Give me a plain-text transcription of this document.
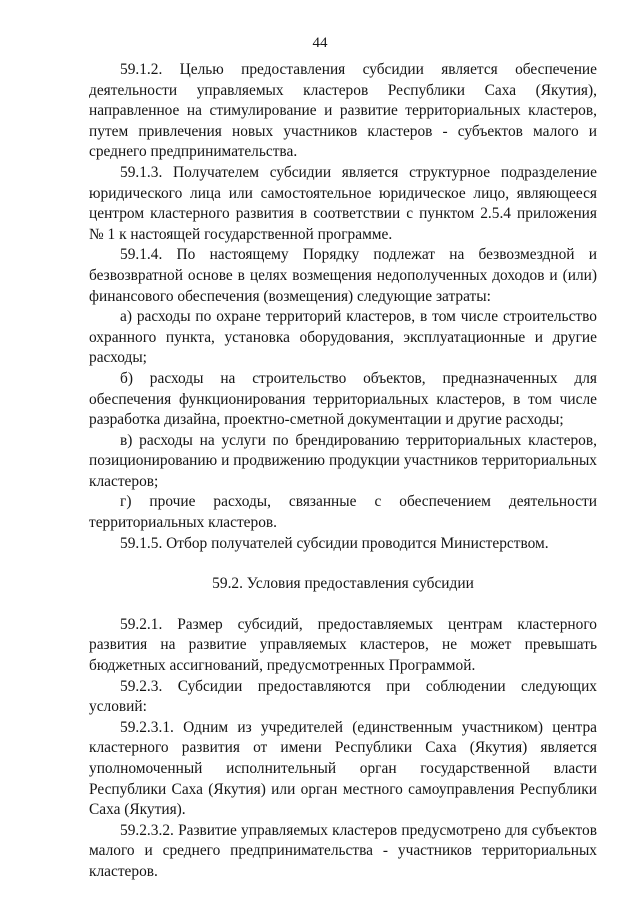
44

59.1.2. Целью предоставления субсидии является обеспечение деятельности управляемых кластеров Республики Саха (Якутия), направленное на стимулирование и развитие территориальных кластеров, путем привлечения новых участников кластеров - субъектов малого и среднего предпринимательства.

59.1.3. Получателем субсидии является структурное подразделение юридического лица или самостоятельное юридическое лицо, являющееся центром кластерного развития в соответствии с пунктом 2.5.4 приложения № 1 к настоящей государственной программе.

59.1.4. По настоящему Порядку подлежат на безвозмездной и безвозвратной основе в целях возмещения недополученных доходов и (или) финансового обеспечения (возмещения) следующие затраты:

а) расходы по охране территорий кластеров, в том числе строительство охранного пункта, установка оборудования, эксплуатационные и другие расходы;

б) расходы на строительство объектов, предназначенных для обеспечения функционирования территориальных кластеров, в том числе разработка дизайна, проектно-сметной документации и другие расходы;

в) расходы на услуги по брендированию территориальных кластеров, позиционированию и продвижению продукции участников территориальных кластеров;

г) прочие расходы, связанные с обеспечением деятельности территориальных кластеров.

59.1.5. Отбор получателей субсидии проводится Министерством.

59.2. Условия предоставления субсидии

59.2.1. Размер субсидий, предоставляемых центрам кластерного развития на развитие управляемых кластеров, не может превышать бюджетных ассигнований, предусмотренных Программой.

59.2.3. Субсидии предоставляются при соблюдении следующих условий:

59.2.3.1. Одним из учредителей (единственным участником) центра кластерного развития от имени Республики Саха (Якутия) является уполномоченный исполнительный орган государственной власти Республики Саха (Якутия) или орган местного самоуправления Республики Саха (Якутия).

59.2.3.2. Развитие управляемых кластеров предусмотрено для субъектов малого и среднего предпринимательства - участников территориальных кластеров.
